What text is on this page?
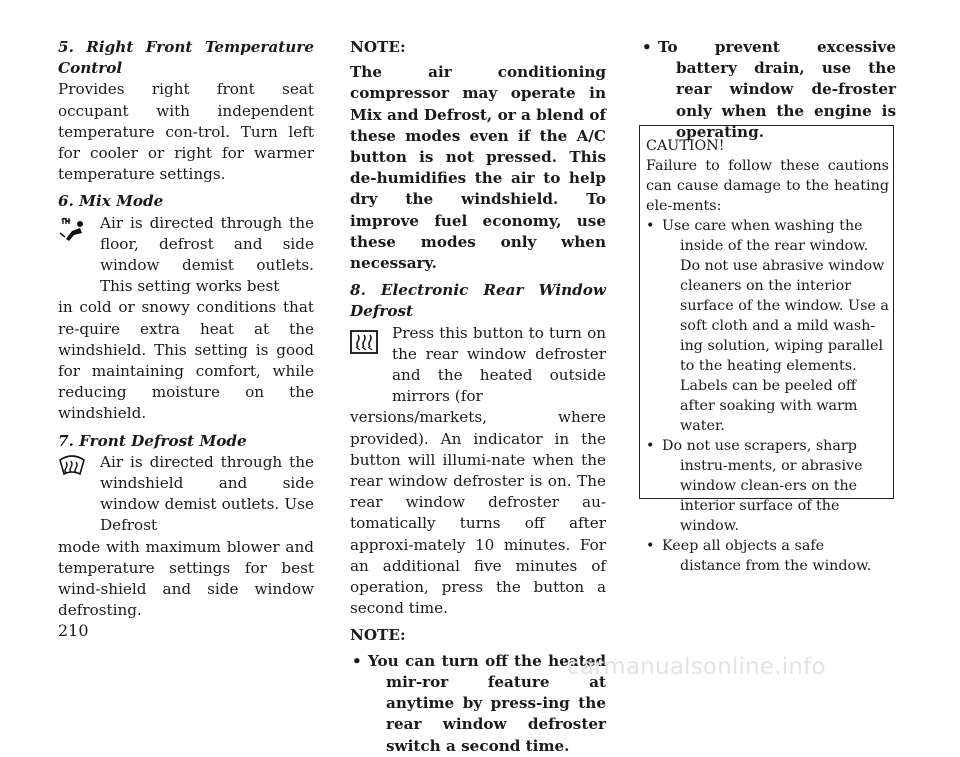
5. Right Front Temperature Control

Provides right front seat occupant with independent temperature con-trol. Turn left for cooler or right for warmer temperature settings.

6. Mix Mode

Air is directed through the floor, defrost and side window demist outlets. This setting works best

in cold or snowy conditions that re-quire extra heat at the windshield. This setting is good for maintaining comfort, while reducing moisture on the windshield.

7. Front Defrost Mode

Air is directed through the windshield and side window demist outlets. Use Defrost

mode with maximum blower and temperature settings for best wind-shield and side window defrosting.

NOTE:

The air conditioning compressor may operate in Mix and Defrost, or a blend of these modes even if the A/C button is not pressed. This de-humidifies the air to help dry the windshield. To improve fuel economy, use these modes only when necessary.

8. Electronic Rear Window Defrost

Press this button to turn on the rear window defroster and the heated outside mirrors (for

versions/markets, where provided). An indicator in the button will illumi-nate when the rear window defroster is on. The rear window defroster au-tomatically turns off after approxi-mately 10 minutes. For an additional five minutes of operation, press the button a second time.

NOTE:

• You can turn off the heated mir-ror feature at anytime by press-ing the rear window defroster switch a second time.
• To prevent excessive battery drain, use the rear window de-froster only when the engine is operating.

CAUTION!

Failure to follow these cautions can cause damage to the heating ele-ments:

• Use care when washing the inside of the rear window. Do not use abrasive window cleaners on the interior surface of the window. Use a soft cloth and a mild wash-ing solution, wiping parallel to the heating elements. Labels can be peeled off after soaking with warm water.
• Do not use scrapers, sharp instru-ments, or abrasive window clean-ers on the interior surface of the window.
• Keep all objects a safe distance from the window.
210
carmanualsonline.info
